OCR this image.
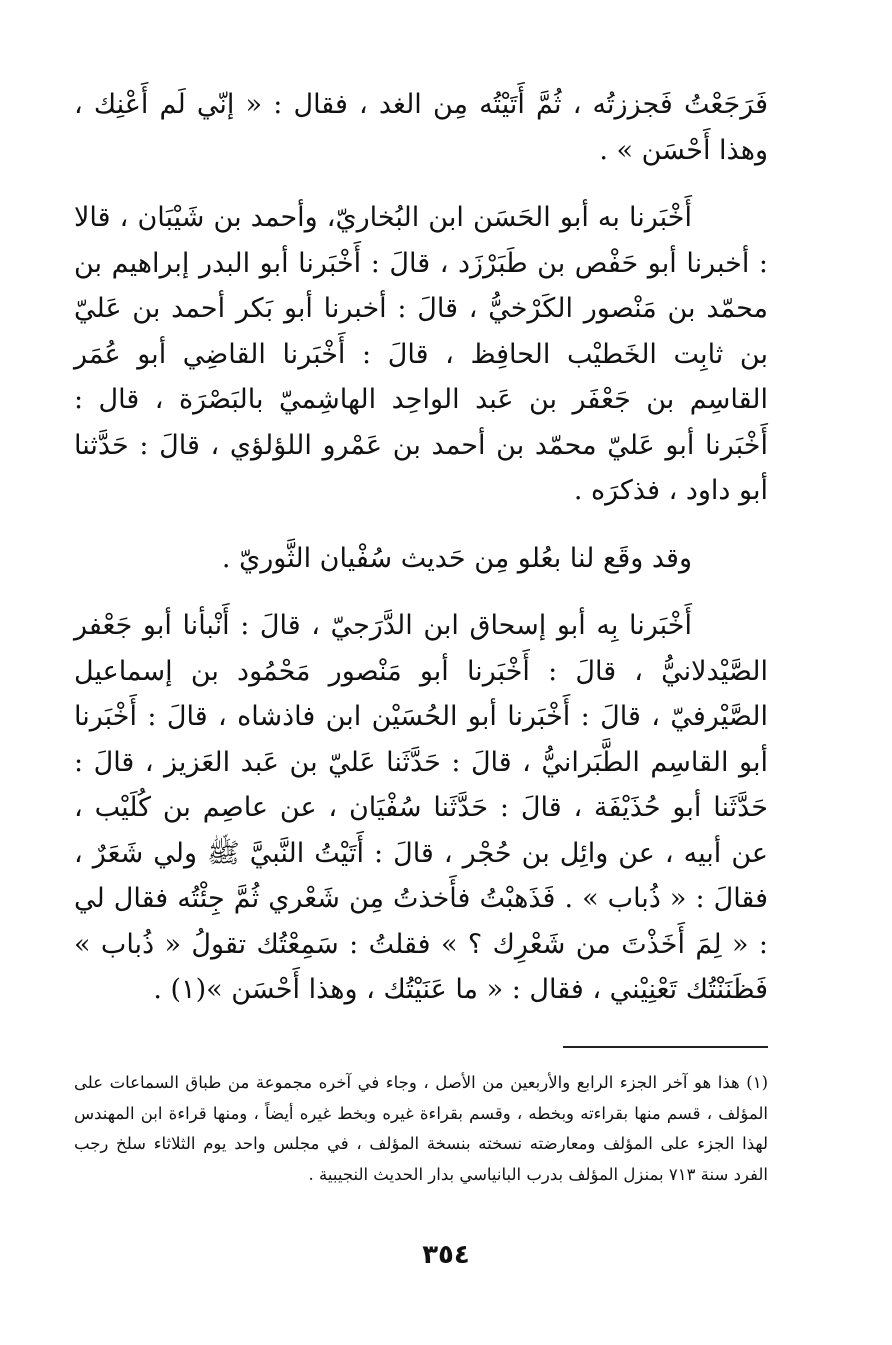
فَرَجَعْتُ فَجززتُه ، ثُمَّ أَتَيْتُه مِن الغد ، فقال : « إنّي لَم أَعْنِك ، وهذا أَحْسَن » .

أَخْبَرنا به أبو الحَسَن ابن البُخاريّ، وأحمد بن شَيْبَان ، قالا : أخبرنا أبو حَفْص بن طَبَرْزَد ، قالَ : أَخْبَرنا أبو البدر إبراهيم بن محمّد بن مَنْصور الكَرْخيُّ ، قالَ : أخبرنا أبو بَكر أحمد بن عَليّ بن ثابِت الخَطيْب الحافِظ ، قالَ : أَخْبَرنا القاضِي أبو عُمَر القاسِم بن جَعْفَر بن عَبد الواحِد الهاشِميّ بالبَصْرَة ، قال : أَخْبَرنا أبو عَليّ محمّد بن أحمد بن عَمْرو اللؤلؤي ، قالَ : حَدَّثنا أبو داود ، فذكرَه .

وقد وقَع لنا بعُلو مِن حَديث سُفْيان الثَّوريّ .

أَخْبَرنا بِه أبو إسحاق ابن الدَّرَجيّ ، قالَ : أَنْبأنا أبو جَعْفر الصَّيْدلانيُّ ، قالَ : أَخْبَرنا أبو مَنْصور مَحْمُود بن إسماعيل الصَّيْرفيّ ، قالَ : أَخْبَرنا أبو الحُسَيْن ابن فاذشاه ، قالَ : أَخْبَرنا أبو القاسِم الطَّبَرانيُّ ، قالَ : حَدَّثَنا عَليّ بن عَبد العَزيز ، قالَ : حَدَّثَنا أبو حُذَيْفَة ، قالَ : حَدَّثَنا سُفْيَان ، عن عاصِم بن كُلَيْب ، عن أبيه ، عن وائِل بن حُجْر ، قالَ : أَتَيْتُ النَّبيَّ ﷺ ولي شَعَرٌ ، فقالَ : « ذُباب » . فَذَهبْتُ فأَخذتُ مِن شَعْري ثُمَّ جِئْتُه فقال لي : « لِمَ أَخَذْتَ من شَعْرِك ؟ » فقلتُ : سَمِعْتُك تقولُ « ذُباب » فَظَنَنْتُك تَعْنِيْني ، فقال : « ما عَنَيْتُك ، وهذا أَحْسَن »(١) .

(١) هذا هو آخر الجزء الرابع والأربعين من الأصل ، وجاء في آخره مجموعة من طباق السماعات على المؤلف ، قسم منها بقراءته وبخطه ، وقسم بقراءة غيره وبخط غيره أيضاً ، ومنها قراءة ابن المهندس لهذا الجزء على المؤلف ومعارضته نسخته بنسخة المؤلف ، في مجلس واحد يوم الثلاثاء سلخ رجب الفرد سنة ٧١٣ بمنزل المؤلف بدرب البانياسي بدار الحديث النجيبية .

٣٥٤
